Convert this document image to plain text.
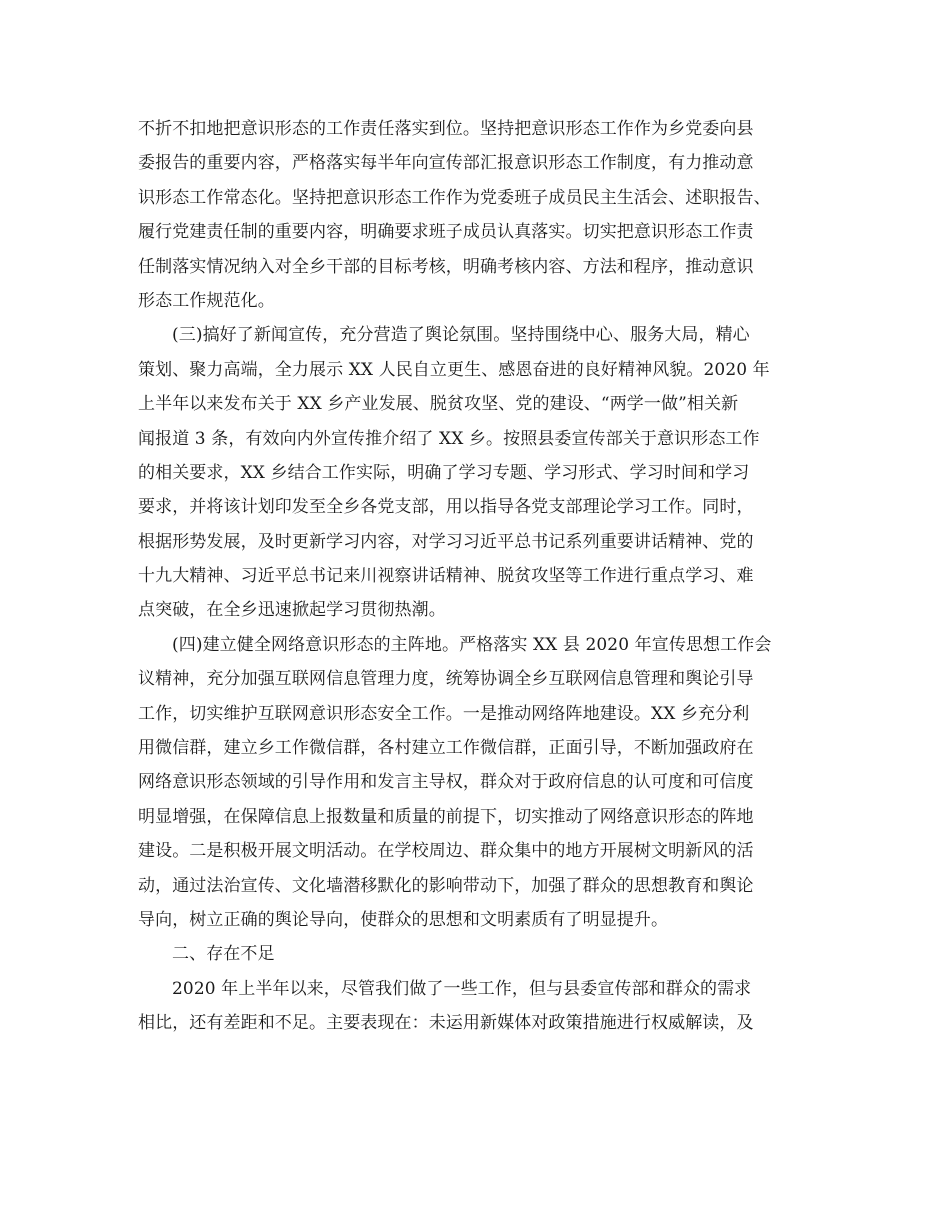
不折不扣地把意识形态的工作责任落实到位。坚持把意识形态工作作为乡党委向县
委报告的重要内容，严格落实每半年向宣传部汇报意识形态工作制度，有力推动意
识形态工作常态化。坚持把意识形态工作作为党委班子成员民主生活会、述职报告、
履行党建责任制的重要内容，明确要求班子成员认真落实。切实把意识形态工作责
任制落实情况纳入对全乡干部的目标考核，明确考核内容、方法和程序，推动意识
形态工作规范化。
(三)搞好了新闻宣传，充分营造了舆论氛围。坚持围绕中心、服务大局，精心
策划、聚力高端，全力展示 XX 人民自立更生、感恩奋进的良好精神风貌。2020 年
上半年以来发布关于 XX 乡产业发展、脱贫攻坚、党的建设、“两学一做”相关新
闻报道 3 条，有效向内外宣传推介绍了 XX 乡。按照县委宣传部关于意识形态工作
的相关要求，XX 乡结合工作实际，明确了学习专题、学习形式、学习时间和学习
要求，并将该计划印发至全乡各党支部，用以指导各党支部理论学习工作。同时，
根据形势发展，及时更新学习内容，对学习习近平总书记系列重要讲话精神、党的
十九大精神、习近平总书记来川视察讲话精神、脱贫攻坚等工作进行重点学习、难
点突破，在全乡迅速掀起学习贯彻热潮。
(四)建立健全网络意识形态的主阵地。严格落实 XX 县 2020 年宣传思想工作会
议精神，充分加强互联网信息管理力度，统筹协调全乡互联网信息管理和舆论引导
工作，切实维护互联网意识形态安全工作。一是推动网络阵地建设。XX 乡充分利
用微信群，建立乡工作微信群，各村建立工作微信群，正面引导，不断加强政府在
网络意识形态领域的引导作用和发言主导权，群众对于政府信息的认可度和可信度
明显增强，在保障信息上报数量和质量的前提下，切实推动了网络意识形态的阵地
建设。二是积极开展文明活动。在学校周边、群众集中的地方开展树文明新风的活
动，通过法治宣传、文化墙潜移默化的影响带动下，加强了群众的思想教育和舆论
导向，树立正确的舆论导向，使群众的思想和文明素质有了明显提升。
二、存在不足
2020 年上半年以来，尽管我们做了一些工作，但与县委宣传部和群众的需求
相比，还有差距和不足。主要表现在：未运用新媒体对政策措施进行权威解读，及
